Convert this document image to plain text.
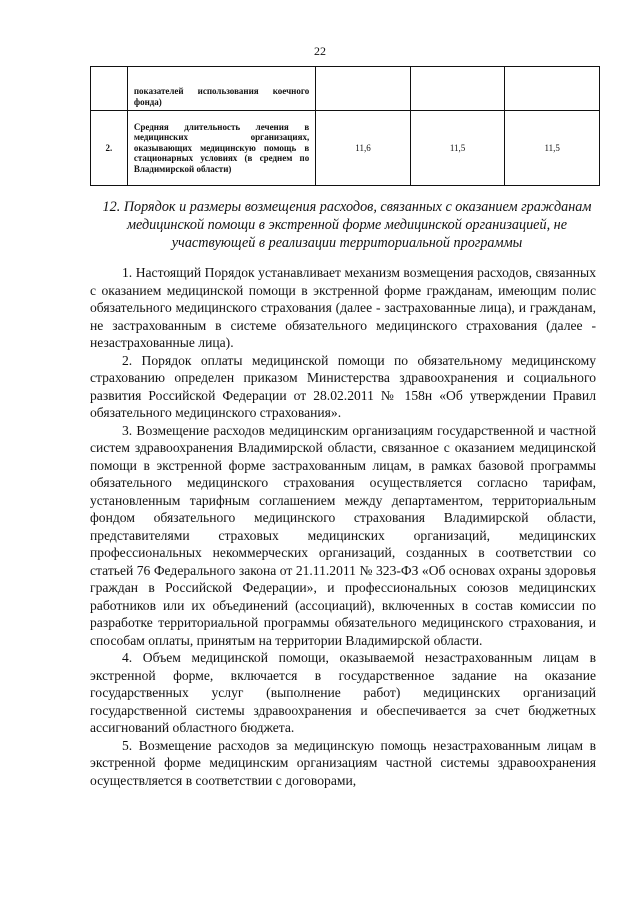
22
	показателей использования коечного фонда)			
2.	Средняя длительность лечения в медицинских организациях, оказывающих медицинскую помощь в стационарных условиях (в среднем по Владимирской области)	11,6	11,5	11,5
12. Порядок и размеры возмещения расходов, связанных с оказанием гражданам медицинской помощи в экстренной форме медицинской организацией, не участвующей в реализации территориальной программы

1. Настоящий Порядок устанавливает механизм возмещения расходов, связанных с оказанием медицинской помощи в экстренной форме гражданам, имеющим полис обязательного медицинского страхования (далее - застрахованные лица), и гражданам, не застрахованным в системе обязательного медицинского страхования (далее - незастрахованные лица).

2. Порядок оплаты медицинской помощи по обязательному медицинскому страхованию определен приказом Министерства здравоохранения и социального развития Российской Федерации от 28.02.2011 № 158н «Об утверждении Правил обязательного медицинского страхования».

3. Возмещение расходов медицинским организациям государственной и частной систем здравоохранения Владимирской области, связанное с оказанием медицинской помощи в экстренной форме застрахованным лицам, в рамках базовой программы обязательного медицинского страхования осуществляется согласно тарифам, установленным тарифным соглашением между департаментом, территориальным фондом обязательного медицинского страхования Владимирской области, представителями страховых медицинских организаций, медицинских профессиональных некоммерческих организаций, созданных в соответствии со статьей 76 Федерального закона от 21.11.2011 № 323-ФЗ «Об основах охраны здоровья граждан в Российской Федерации», и профессиональных союзов медицинских работников или их объединений (ассоциаций), включенных в состав комиссии по разработке территориальной программы обязательного медицинского страхования, и способам оплаты, принятым на территории Владимирской области.

4. Объем медицинской помощи, оказываемой незастрахованным лицам в экстренной форме, включается в государственное задание на оказание государственных услуг (выполнение работ) медицинских организаций государственной системы здравоохранения и обеспечивается за счет бюджетных ассигнований областного бюджета.

5. Возмещение расходов за медицинскую помощь незастрахованным лицам в экстренной форме медицинским организациям частной системы здравоохранения осуществляется в соответствии с договорами,
